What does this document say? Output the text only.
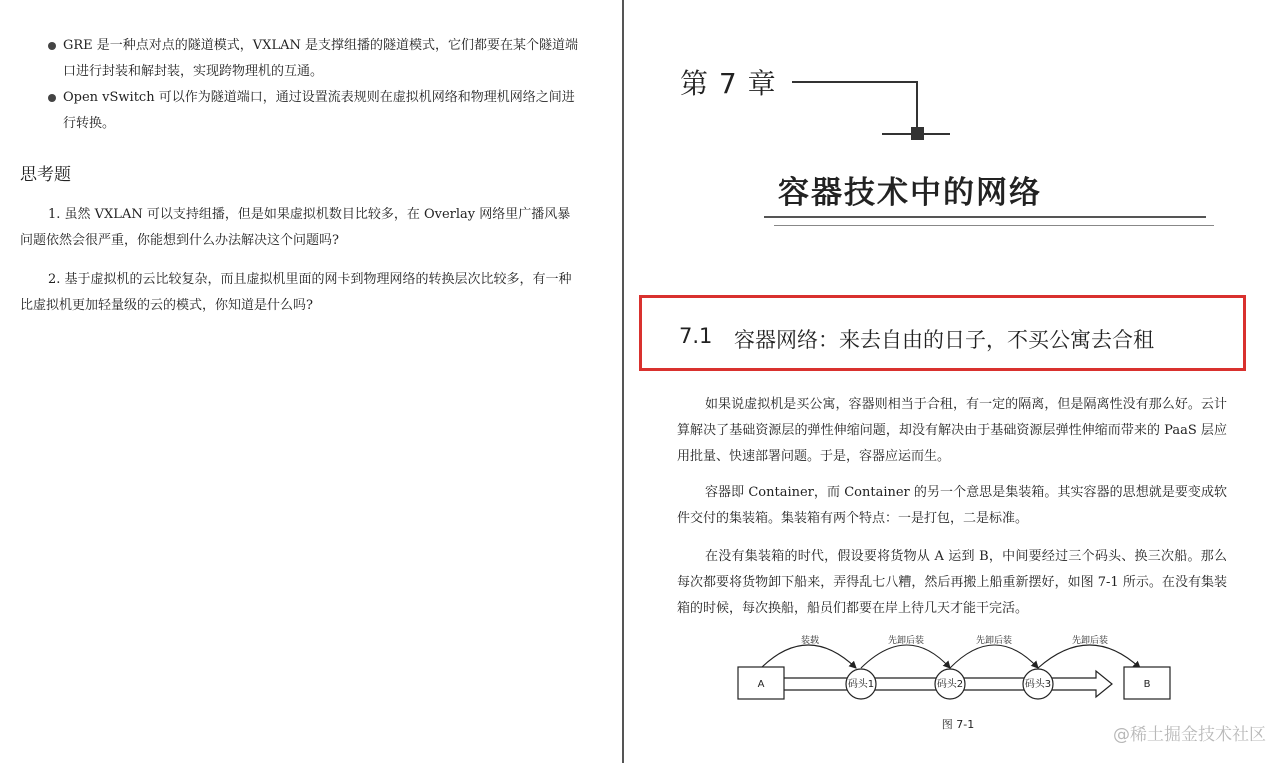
GRE 是一种点对点的隧道模式，VXLAN 是支撑组播的隧道模式，它们都要在某个隧道端口进行封装和解封装，实现跨物理机的互通。
Open vSwitch 可以作为隧道端口，通过设置流表规则在虚拟机网络和物理机网络之间进行转换。
思考题
1. 虽然 VXLAN 可以支持组播，但是如果虚拟机数目比较多，在 Overlay 网络里广播风暴问题依然会很严重，你能想到什么办法解决这个问题吗?
2. 基于虚拟机的云比较复杂，而且虚拟机里面的网卡到物理网络的转换层次比较多，有一种比虚拟机更加轻量级的云的模式，你知道是什么吗?
第 7 章
容器技术中的网络
7.1 容器网络：来去自由的日子，不买公寓去合租
如果说虚拟机是买公寓，容器则相当于合租，有一定的隔离，但是隔离性没有那么好。云计算解决了基础资源层的弹性伸缩问题，却没有解决由于基础资源层弹性伸缩而带来的 PaaS 层应用批量、快速部署问题。于是，容器应运而生。
容器即 Container，而 Container 的另一个意思是集装箱。其实容器的思想就是要变成软件交付的集装箱。集装箱有两个特点：一是打包，二是标准。
在没有集装箱的时代，假设要将货物从 A 运到 B，中间要经过三个码头、换三次船。那么每次都要将货物卸下船来，弄得乱七八糟，然后再搬上船重新摆好，如图 7-1 所示。在没有集装箱的时候，每次换船，船员们都要在岸上待几天才能干完活。
A	码头1	码头2	码头3	B
装载	先卸后装	先卸后装	先卸后装
图 7-1
@稀土掘金技术社区
